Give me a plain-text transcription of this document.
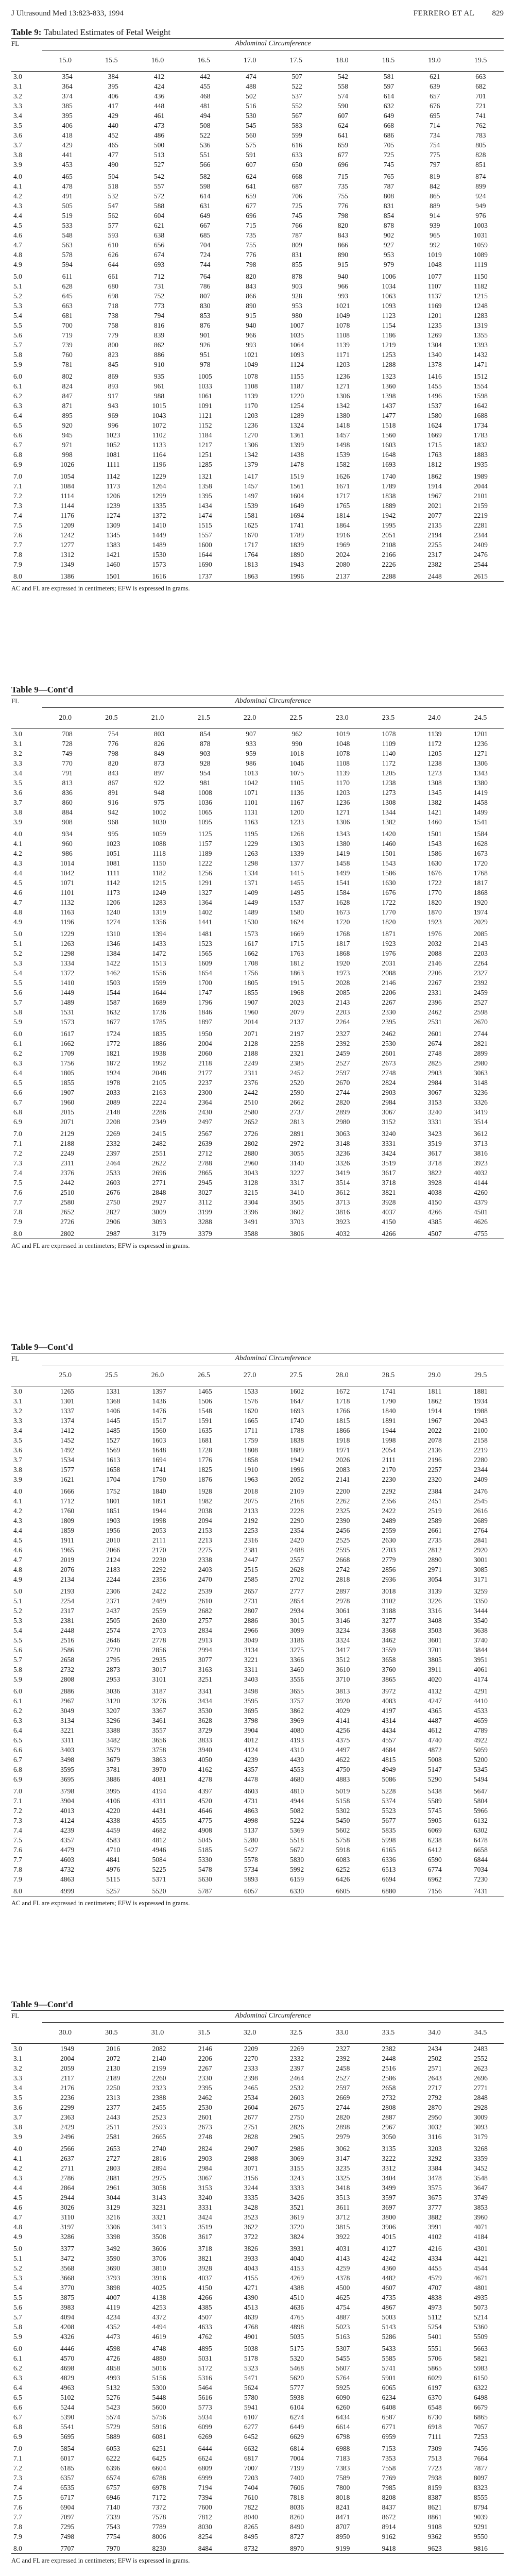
J Ultrasound Med 13:823-833, 1994	FERRERO ET AL 829
Table 9: Tabulated Estimates of Fetal Weight
FL	Abdominal Circumference
15.0	15.5	16.0	16.5	17.0	17.5	18.0	18.5	19.0	19.5
3.0	354	384	412	442	474	507	542	581	621	663
3.1	364	395	424	455	488	522	558	597	639	682
3.2	374	406	436	468	502	537	574	614	657	701
3.3	385	417	448	481	516	552	590	632	676	721
3.4	395	429	461	494	530	567	607	649	695	741
3.5	406	440	473	508	545	583	624	668	714	762
3.6	418	452	486	522	560	599	641	686	734	783
3.7	429	465	500	536	575	616	659	705	754	805
3.8	441	477	513	551	591	633	677	725	775	828
3.9	453	490	527	566	607	650	696	745	797	851
4.0	465	504	542	582	624	668	715	765	819	874
4.1	478	518	557	598	641	687	735	787	842	899
4.2	491	532	572	614	659	706	755	808	865	924
4.3	505	547	588	631	677	725	776	831	889	949
4.4	519	562	604	649	696	745	798	854	914	976
4.5	533	577	621	667	715	766	820	878	939	1003
4.6	548	593	638	685	735	787	843	902	965	1031
4.7	563	610	656	704	755	809	866	927	992	1059
4.8	578	626	674	724	776	831	890	953	1019	1089
4.9	594	644	693	744	798	855	915	979	1048	1119
5.0	611	661	712	764	820	878	940	1006	1077	1150
5.1	628	680	731	786	843	903	966	1034	1107	1182
5.2	645	698	752	807	866	928	993	1063	1137	1215
5.3	663	718	773	830	890	953	1021	1093	1169	1248
5.4	681	738	794	853	915	980	1049	1123	1201	1283
5.5	700	758	816	876	940	1007	1078	1154	1235	1319
5.6	719	779	839	901	966	1035	1108	1186	1269	1355
5.7	739	800	862	926	993	1064	1139	1219	1304	1393
5.8	760	823	886	951	1021	1093	1171	1253	1340	1432
5.9	781	845	910	978	1049	1124	1203	1288	1378	1471
6.0	802	869	935	1005	1078	1155	1236	1323	1416	1512
6.1	824	893	961	1033	1108	1187	1271	1360	1455	1554
6.2	847	917	988	1061	1139	1220	1306	1398	1496	1598
6.3	871	943	1015	1091	1170	1254	1342	1437	1537	1642
6.4	895	969	1043	1121	1203	1289	1380	1477	1580	1688
6.5	920	996	1072	1152	1236	1324	1418	1518	1624	1734
6.6	945	1023	1102	1184	1270	1361	1457	1560	1669	1783
6.7	971	1052	1133	1217	1306	1399	1498	1603	1715	1832
6.8	998	1081	1164	1251	1342	1438	1539	1648	1763	1883
6.9	1026	1111	1196	1285	1379	1478	1582	1693	1812	1935
7.0	1054	1142	1229	1321	1417	1519	1626	1740	1862	1989
7.1	1084	1173	1264	1358	1457	1561	1671	1789	1914	2044
7.2	1114	1206	1299	1395	1497	1604	1717	1838	1967	2101
7.3	1144	1239	1335	1434	1539	1649	1765	1889	2021	2159
7.4	1176	1274	1372	1474	1581	1694	1814	1942	2077	2219
7.5	1209	1309	1410	1515	1625	1741	1864	1995	2135	2281
7.6	1242	1345	1449	1557	1670	1789	1916	2051	2194	2344
7.7	1277	1383	1489	1600	1717	1839	1969	2108	2255	2409
7.8	1312	1421	1530	1644	1764	1890	2024	2166	2317	2476
7.9	1349	1460	1573	1690	1813	1943	2080	2226	2382	2544
8.0	1386	1501	1616	1737	1863	1996	2137	2288	2448	2615
AC and FL are expressed in centimeters; EFW is expressed in grams.
Table 9—Cont'd
FL	Abdominal Circumference
20.0	20.5	21.0	21.5	22.0	22.5	23.0	23.5	24.0	24.5
3.0	708	754	803	854	907	962	1019	1078	1139	1201
3.1	728	776	826	878	933	990	1048	1109	1172	1236
3.2	749	798	849	903	959	1018	1078	1140	1205	1271
3.3	770	820	873	928	986	1046	1108	1172	1238	1306
3.4	791	843	897	954	1013	1075	1139	1205	1273	1343
3.5	813	867	922	981	1042	1105	1170	1238	1308	1380
3.6	836	891	948	1008	1071	1136	1203	1273	1345	1419
3.7	860	916	975	1036	1101	1167	1236	1308	1382	1458
3.8	884	942	1002	1065	1131	1200	1271	1344	1421	1499
3.9	908	968	1030	1095	1163	1233	1306	1382	1460	1541
4.0	934	995	1059	1125	1195	1268	1343	1420	1501	1584
4.1	960	1023	1088	1157	1229	1303	1380	1460	1543	1628
4.2	986	1051	1118	1189	1263	1339	1419	1501	1586	1673
4.3	1014	1081	1150	1222	1298	1377	1458	1543	1630	1720
4.4	1042	1111	1182	1256	1334	1415	1499	1586	1676	1768
4.5	1071	1142	1215	1291	1371	1455	1541	1630	1722	1817
4.6	1101	1173	1249	1327	1409	1495	1584	1676	1770	1868
4.7	1132	1206	1283	1364	1449	1537	1628	1722	1820	1920
4.8	1163	1240	1319	1402	1489	1580	1673	1770	1870	1974
4.9	1196	1274	1356	1441	1530	1624	1720	1820	1923	2029
5.0	1229	1310	1394	1481	1573	1669	1768	1871	1976	2085
5.1	1263	1346	1433	1523	1617	1715	1817	1923	2032	2143
5.2	1298	1384	1472	1565	1662	1763	1868	1976	2088	2203
5.3	1334	1422	1513	1609	1708	1812	1920	2031	2146	2264
5.4	1372	1462	1556	1654	1756	1863	1973	2088	2206	2327
5.5	1410	1503	1599	1700	1805	1915	2028	2146	2267	2392
5.6	1449	1544	1644	1747	1855	1968	2085	2206	2331	2459
5.7	1489	1587	1689	1796	1907	2023	2143	2267	2396	2527
5.8	1531	1632	1736	1846	1960	2079	2203	2330	2462	2598
5.9	1573	1677	1785	1897	2014	2137	2264	2395	2531	2670
6.0	1617	1724	1835	1950	2071	2197	2327	2462	2601	2744
6.1	1662	1772	1886	2004	2128	2258	2392	2530	2674	2821
6.2	1709	1821	1938	2060	2188	2321	2459	2601	2748	2899
6.3	1756	1872	1992	2118	2249	2385	2527	2673	2825	2980
6.4	1805	1924	2048	2177	2311	2452	2597	2748	2903	3063
6.5	1855	1978	2105	2237	2376	2520	2670	2824	2984	3148
6.6	1907	2033	2163	2300	2442	2590	2744	2903	3067	3236
6.7	1960	2089	2224	2364	2510	2662	2820	2984	3153	3326
6.8	2015	2148	2286	2430	2580	2737	2899	3067	3240	3419
6.9	2071	2208	2349	2497	2652	2813	2980	3152	3331	3514
7.0	2129	2269	2415	2567	2726	2891	3063	3240	3423	3612
7.1	2188	2332	2482	2639	2802	2972	3148	3331	3519	3713
7.2	2249	2397	2551	2712	2880	3055	3236	3424	3617	3816
7.3	2311	2464	2622	2788	2960	3140	3326	3519	3718	3923
7.4	2376	2533	2696	2865	3043	3227	3419	3617	3822	4032
7.5	2442	2603	2771	2945	3128	3317	3514	3718	3928	4144
7.6	2510	2676	2848	3027	3215	3410	3612	3821	4038	4260
7.7	2580	2750	2927	3112	3304	3505	3713	3928	4150	4379
7.8	2652	2827	3009	3199	3396	3602	3816	4037	4266	4501
7.9	2726	2906	3093	3288	3491	3703	3923	4150	4385	4626
8.0	2802	2987	3179	3379	3588	3806	4032	4266	4507	4755
AC and FL are expressed in centimeters; EFW is expressed in grams.
Table 9—Cont'd
FL	Abdominal Circumference
25.0	25.5	26.0	26.5	27.0	27.5	28.0	28.5	29.0	29.5
3.0	1265	1331	1397	1465	1533	1602	1672	1741	1811	1881
3.1	1301	1368	1436	1506	1576	1647	1718	1790	1862	1934
3.2	1337	1406	1476	1548	1620	1693	1766	1840	1914	1988
3.3	1374	1445	1517	1591	1665	1740	1815	1891	1967	2043
3.4	1412	1485	1560	1635	1711	1788	1866	1944	2022	2100
3.5	1452	1527	1603	1681	1759	1838	1918	1998	2078	2158
3.6	1492	1569	1648	1728	1808	1889	1971	2054	2136	2219
3.7	1534	1613	1694	1776	1858	1942	2026	2111	2196	2280
3.8	1577	1658	1741	1825	1910	1996	2083	2170	2257	2344
3.9	1621	1704	1790	1876	1963	2052	2141	2230	2320	2409
4.0	1666	1752	1840	1928	2018	2109	2200	2292	2384	2476
4.1	1712	1801	1891	1982	2075	2168	2262	2356	2451	2545
4.2	1760	1851	1944	2038	2133	2228	2325	2422	2519	2616
4.3	1809	1903	1998	2094	2192	2290	2390	2489	2589	2689
4.4	1859	1956	2053	2153	2253	2354	2456	2559	2661	2764
4.5	1911	2010	2111	2213	2316	2420	2525	2630	2735	2841
4.6	1965	2066	2170	2275	2381	2488	2595	2703	2812	2920
4.7	2019	2124	2230	2338	2447	2557	2668	2779	2890	3001
4.8	2076	2183	2292	2403	2515	2628	2742	2856	2971	3085
4.9	2134	2244	2356	2470	2585	2702	2818	2936	3054	3171
5.0	2193	2306	2422	2539	2657	2777	2897	3018	3139	3259
5.1	2254	2371	2489	2610	2731	2854	2978	3102	3226	3350
5.2	2317	2437	2559	2682	2807	2934	3061	3188	3316	3444
5.3	2381	2505	2630	2757	2886	3015	3146	3277	3408	3540
5.4	2448	2574	2703	2834	2966	3099	3234	3368	3503	3638
5.5	2516	2646	2778	2913	3049	3186	3324	3462	3601	3740
5.6	2586	2720	2856	2994	3134	3275	3417	3559	3701	3844
5.7	2658	2795	2935	3077	3221	3366	3512	3658	3805	3951
5.8	2732	2873	3017	3163	3311	3460	3610	3760	3911	4061
5.9	2808	2953	3101	3251	3403	3556	3710	3865	4020	4174
6.0	2886	3036	3187	3341	3498	3655	3813	3972	4132	4291
6.1	2967	3120	3276	3434	3595	3757	3920	4083	4247	4410
6.2	3049	3207	3367	3530	3695	3862	4029	4197	4365	4533
6.3	3134	3296	3461	3628	3798	3969	4141	4314	4487	4659
6.4	3221	3388	3557	3729	3904	4080	4256	4434	4612	4789
6.5	3311	3482	3656	3833	4012	4193	4375	4557	4740	4922
6.6	3403	3579	3758	3940	4124	4310	4497	4684	4872	5059
6.7	3498	3679	3863	4050	4239	4430	4622	4815	5008	5200
6.8	3595	3781	3970	4162	4357	4553	4750	4949	5147	5345
6.9	3695	3886	4081	4278	4478	4680	4883	5086	5290	5494
7.0	3798	3995	4194	4397	4603	4810	5019	5228	5438	5647
7.1	3904	4106	4311	4520	4731	4944	5158	5374	5589	5804
7.2	4013	4220	4431	4646	4863	5082	5302	5523	5745	5966
7.3	4124	4338	4555	4775	4998	5224	5450	5677	5905	6132
7.4	4239	4459	4682	4908	5137	5369	5602	5835	6069	6302
7.5	4357	4583	4812	5045	5280	5518	5758	5998	6238	6478
7.6	4479	4710	4946	5185	5427	5672	5918	6165	6412	6658
7.7	4603	4841	5084	5330	5578	5830	6083	6336	6590	6844
7.8	4732	4976	5225	5478	5734	5992	6252	6513	6774	7034
7.9	4863	5115	5371	5630	5893	6159	6426	6694	6962	7230
8.0	4999	5257	5520	5787	6057	6330	6605	6880	7156	7431
AC and FL are expressed in centimeters; EFW is expressed in grams.
Table 9—Cont'd
FL	Abdominal Circumference
30.0	30.5	31.0	31.5	32.0	32.5	33.0	33.5	34.0	34.5
3.0	1949	2016	2082	2146	2209	2269	2327	2382	2434	2483
3.1	2004	2072	2140	2206	2270	2332	2392	2448	2502	2552
3.2	2059	2130	2199	2267	2333	2397	2458	2516	2571	2623
3.3	2117	2189	2260	2330	2398	2464	2527	2586	2643	2696
3.4	2176	2250	2323	2395	2465	2532	2597	2658	2717	2771
3.5	2236	2313	2388	2462	2534	2603	2669	2732	2792	2848
3.6	2299	2377	2455	2530	2604	2675	2744	2808	2870	2928
3.7	2363	2443	2523	2601	2677	2750	2820	2887	2950	3009
3.8	2429	2511	2593	2673	2751	2826	2898	2967	3032	3093
3.9	2496	2581	2665	2748	2828	2905	2979	3050	3116	3179
4.0	2566	2653	2740	2824	2907	2986	3062	3135	3203	3268
4.1	2637	2727	2816	2903	2988	3069	3147	3222	3292	3359
4.2	2711	2803	2894	2984	3071	3155	3235	3312	3384	3452
4.3	2786	2881	2975	3067	3156	3243	3325	3404	3478	3548
4.4	2864	2961	3058	3153	3244	3333	3418	3499	3575	3647
4.5	2944	3044	3143	3240	3335	3426	3513	3597	3675	3749
4.6	3026	3129	3231	3331	3428	3521	3611	3697	3777	3853
4.7	3110	3216	3321	3424	3523	3619	3712	3800	3882	3960
4.8	3197	3306	3413	3519	3622	3720	3815	3906	3991	4071
4.9	3286	3398	3508	3617	3722	3824	3922	4015	4102	4184
5.0	3377	3492	3606	3718	3826	3931	4031	4127	4216	4301
5.1	3472	3590	3706	3821	3933	4040	4143	4242	4334	4421
5.2	3568	3690	3810	3928	4043	4153	4259	4360	4455	4544
5.3	3668	3793	3916	4037	4155	4269	4378	4482	4579	4671
5.4	3770	3898	4025	4150	4271	4388	4500	4607	4707	4801
5.5	3875	4007	4138	4266	4390	4510	4625	4735	4838	4935
5.6	3983	4119	4253	4385	4513	4636	4754	4867	4973	5073
5.7	4094	4234	4372	4507	4639	4765	4887	5003	5112	5214
5.8	4208	4352	4494	4633	4768	4898	5023	5143	5254	5360
5.9	4326	4473	4619	4762	4901	5035	5163	5286	5401	5509
6.0	4446	4598	4748	4895	5038	5175	5307	5433	5551	5663
6.1	4570	4726	4880	5031	5178	5320	5455	5585	5706	5821
6.2	4698	4858	5016	5172	5323	5468	5607	5741	5865	5983
6.3	4829	4993	5156	5316	5471	5620	5764	5901	6029	6150
6.4	4963	5132	5300	5464	5624	5777	5925	6065	6197	6322
6.5	5102	5276	5448	5616	5780	5938	6090	6234	6370	6498
6.6	5244	5423	5600	5773	5941	6104	6260	6408	6548	6679
6.7	5390	5574	5756	5934	6107	6274	6434	6587	6730	6865
6.8	5541	5729	5916	6099	6277	6449	6614	6771	6918	7057
6.9	5695	5889	6081	6269	6452	6629	6798	6959	7111	7253
7.0	5854	6053	6251	6444	6632	6814	6988	7153	7309	7456
7.1	6017	6222	6425	6624	6817	7004	7183	7353	7513	7664
7.2	6185	6396	6604	6809	7007	7199	7383	7558	7723	7877
7.3	6357	6574	6788	6999	7203	7400	7589	7769	7938	8097
7.4	6535	6757	6978	7194	7404	7606	7800	7985	8159	8323
7.5	6717	6946	7172	7394	7610	7818	8018	8208	8387	8555
7.6	6904	7140	7372	7600	7822	8036	8241	8437	8621	8794
7.7	7097	7339	7578	7812	8040	8260	8471	8672	8861	9039
7.8	7295	7543	7789	8030	8265	8490	8707	8914	9108	9291
7.9	7498	7754	8006	8254	8495	8727	8950	9162	9362	9550
8.0	7707	7970	8230	8484	8732	8970	9199	9418	9623	9816
AC and FL are expressed in centimeters; EFW is expressed in grams.
